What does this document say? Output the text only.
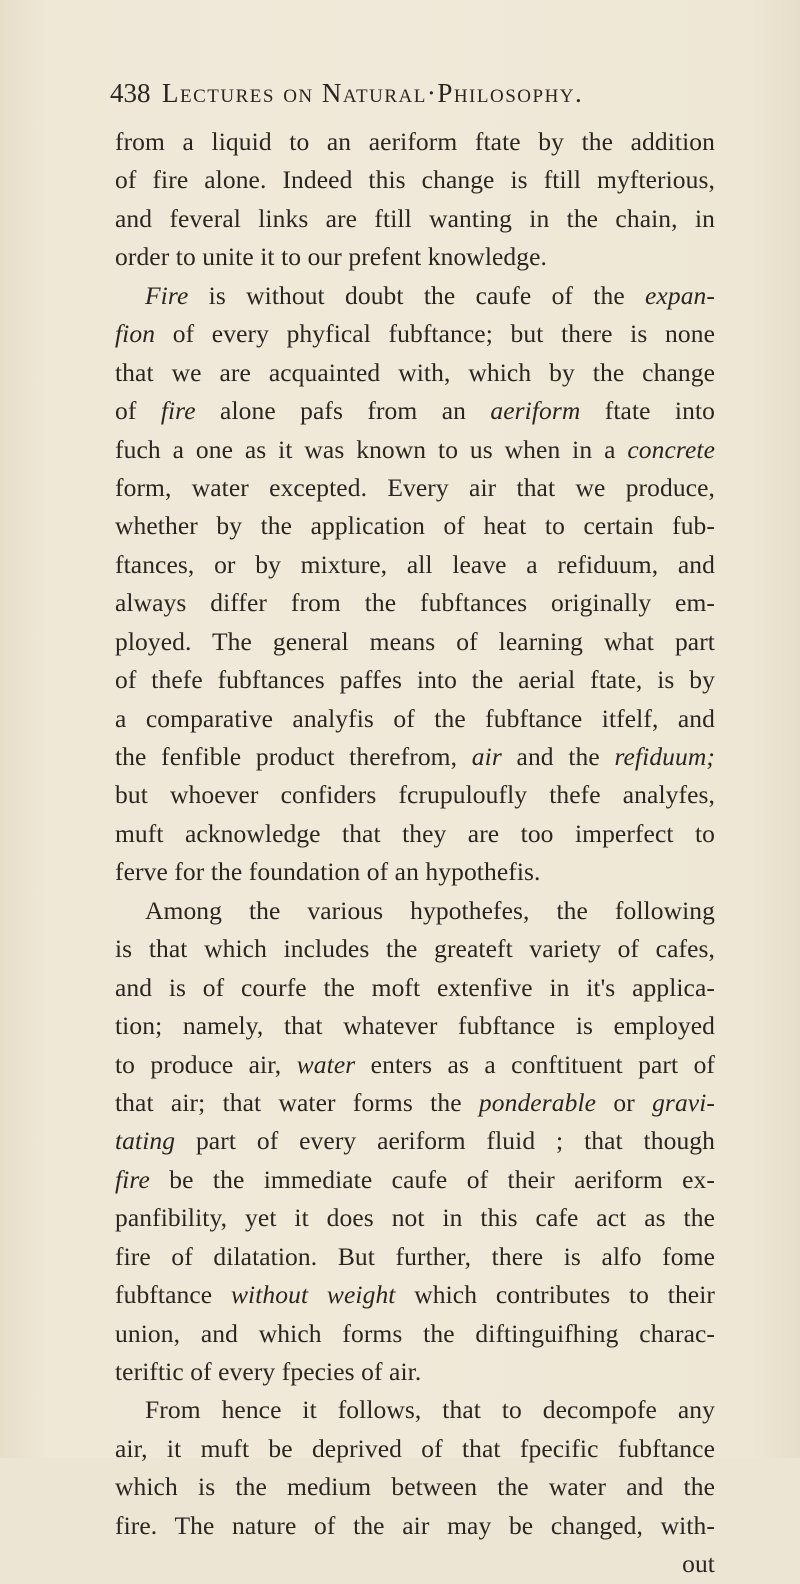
438 Lectures on Natural·Philosophy.
from a liquid to an aeriform ftate by the addition
of fire alone. Indeed this change is ftill myfterious,
and feveral links are ftill wanting in the chain, in
order to unite it to our prefent knowledge.
Fire is without doubt the caufe of the expan-
fion of every phyfical fubftance; but there is none
that we are acquainted with, which by the change
of fire alone pafs from an aeriform ftate into
fuch a one as it was known to us when in a concrete
form, water excepted. Every air that we produce,
whether by the application of heat to certain fub-
ftances, or by mixture, all leave a refiduum, and
always differ from the fubftances originally em-
ployed. The general means of learning what part
of thefe fubftances paffes into the aerial ftate, is by
a comparative analyfis of the fubftance itfelf, and
the fenfible product therefrom, air and the refiduum;
but whoever confiders fcrupuloufly thefe analyfes,
muft acknowledge that they are too imperfect to
ferve for the foundation of an hypothefis.
Among the various hypothefes, the following
is that which includes the greateft variety of cafes,
and is of courfe the moft extenfive in it's applica-
tion; namely, that whatever fubftance is employed
to produce air, water enters as a conftituent part of
that air; that water forms the ponderable or gravi-
tating part of every aeriform fluid ; that though
fire be the immediate caufe of their aeriform ex-
panfibility, yet it does not in this cafe act as the
fire of dilatation. But further, there is alfo fome
fubftance without weight which contributes to their
union, and which forms the diftinguifhing charac-
teriftic of every fpecies of air.
From hence it follows, that to decompofe any
air, it muft be deprived of that fpecific fubftance
which is the medium between the water and the
fire. The nature of the air may be changed, with-
out
